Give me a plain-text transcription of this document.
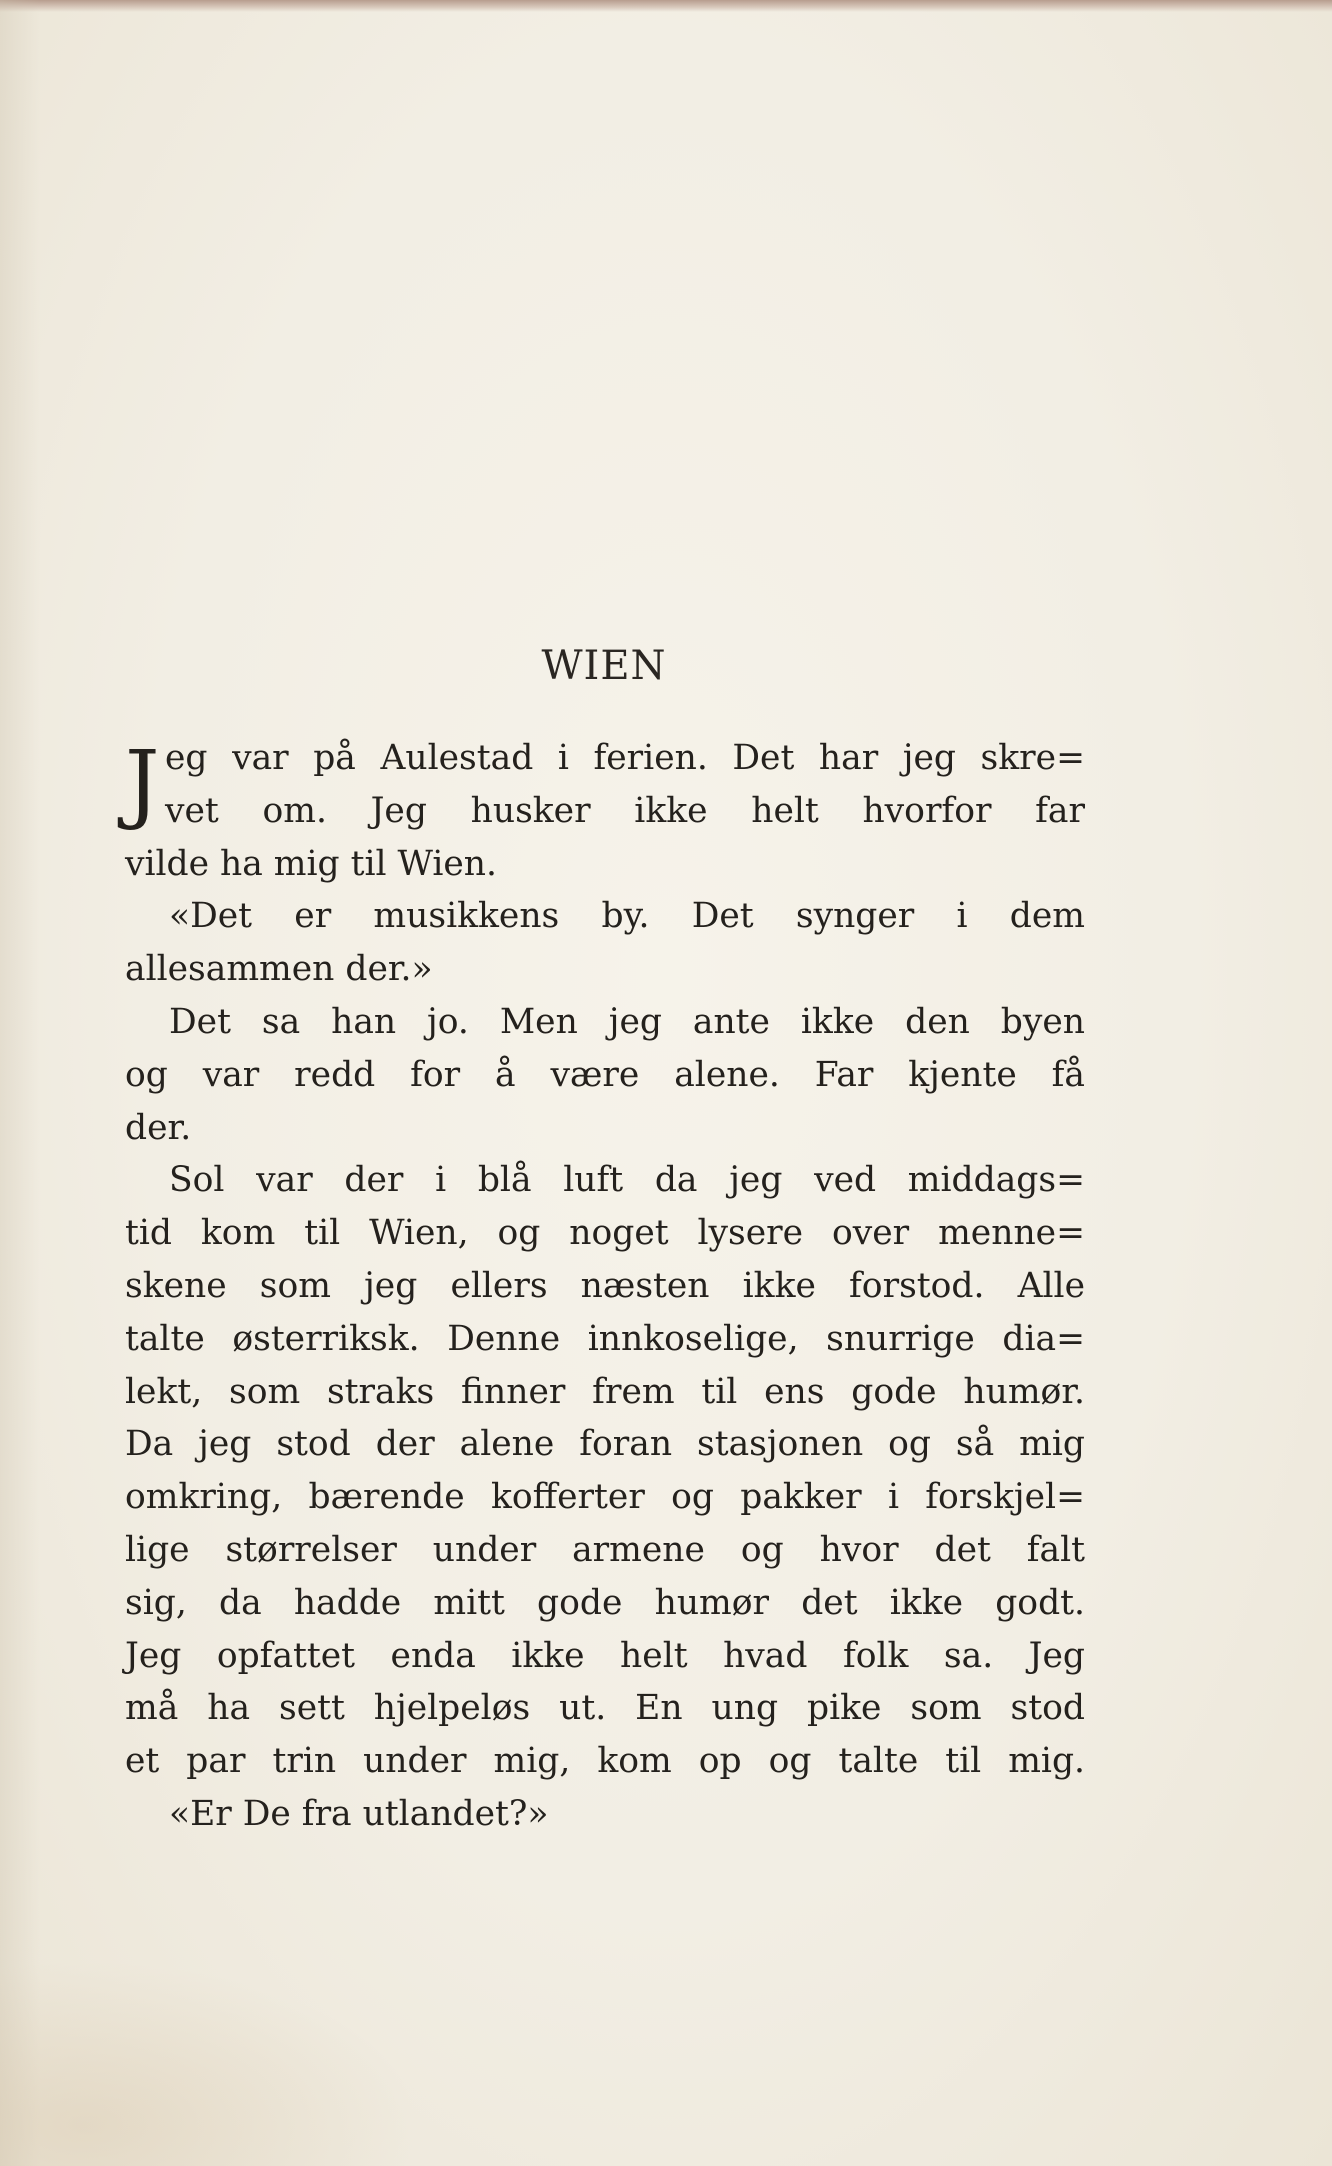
WIEN
J eg var på Aulestad i ferien. Det har jeg skre=
vet om. Jeg husker ikke helt hvorfor far
vilde ha mig til Wien.
«Det er musikkens by. Det synger i dem
allesammen der.»
Det sa han jo. Men jeg ante ikke den byen
og var redd for å være alene. Far kjente få
der.
Sol var der i blå luft da jeg ved middags=
tid kom til Wien, og noget lysere over menne=
skene som jeg ellers næsten ikke forstod. Alle
talte østerriksk. Denne innkoselige, snurrige dia=
lekt, som straks finner frem til ens gode humør.
Da jeg stod der alene foran stasjonen og så mig
omkring, bærende kofferter og pakker i forskjel=
lige størrelser under armene og hvor det falt
sig, da hadde mitt gode humør det ikke godt.
Jeg opfattet enda ikke helt hvad folk sa. Jeg
må ha sett hjelpeløs ut. En ung pike som stod
et par trin under mig, kom op og talte til mig.
«Er De fra utlandet?»
